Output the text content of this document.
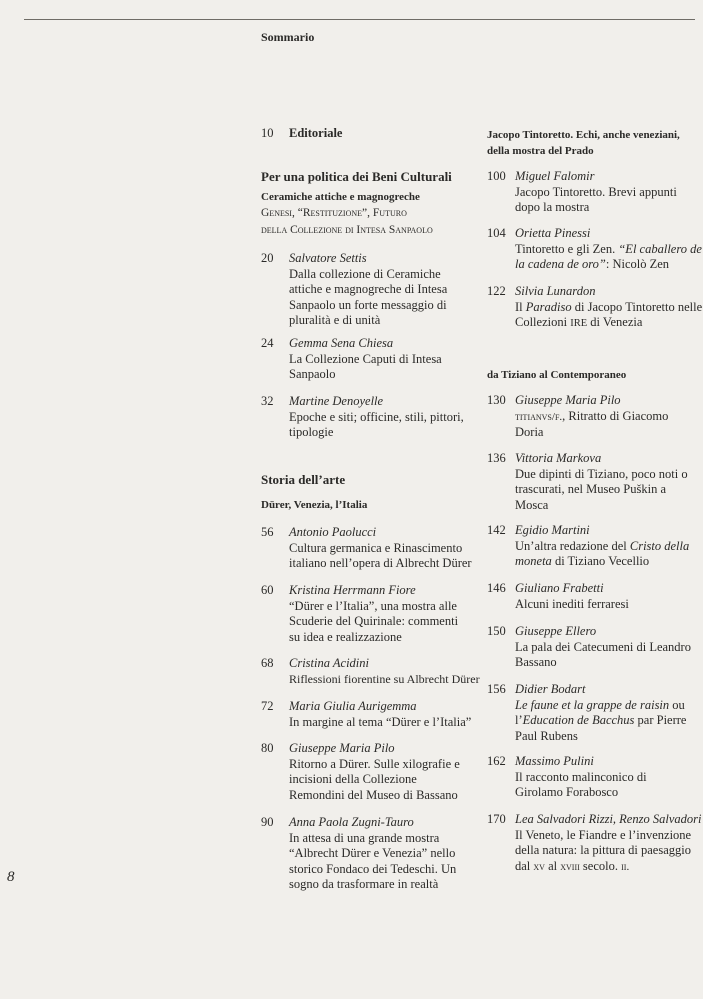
Sommario
8
10 Editoriale
Per una politica dei Beni Culturali
Ceramiche attiche e magnogreche
Genesi, “Restituzione”, Futuro
della Collezione di Intesa Sanpaolo
20 Salvatore Settis
Dalla collezione di Ceramiche
attiche e magnogreche di Intesa
Sanpaolo un forte messaggio di
pluralità e di unità
24 Gemma Sena Chiesa
La Collezione Caputi di Intesa
Sanpaolo
32 Martine Denoyelle
Epoche e siti; officine, stili, pittori,
tipologie
Storia dell’arte
Dürer, Venezia, l’Italia
56 Antonio Paolucci
Cultura germanica e Rinascimento
italiano nell’opera di Albrecht Dürer
60 Kristina Herrmann Fiore
“Dürer e l’Italia”, una mostra alle
Scuderie del Quirinale: commenti
su idea e realizzazione
68 Cristina Acidini
Riflessioni fiorentine su Albrecht Dürer
72 Maria Giulia Aurigemma
In margine al tema “Dürer e l’Italia”
80 Giuseppe Maria Pilo
Ritorno a Dürer. Sulle xilografie e
incisioni della Collezione
Remondini del Museo di Bassano
90 Anna Paola Zugni-Tauro
In attesa di una grande mostra
“Albrecht Dürer e Venezia” nello
storico Fondaco dei Tedeschi. Un
sogno da trasformare in realtà
Jacopo Tintoretto. Echi, anche veneziani,
della mostra del Prado
100 Miguel Falomir
Jacopo Tintoretto. Brevi appunti
dopo la mostra
104 Orietta Pinessi
Tintoretto e gli Zen. “El caballero de
la cadena de oro”: Nicolò Zen
122 Silvia Lunardon
Il Paradiso di Jacopo Tintoretto nelle
Collezioni IRE di Venezia
da Tiziano al Contemporaneo
130 Giuseppe Maria Pilo
titianvs/f., Ritratto di Giacomo
Doria
136 Vittoria Markova
Due dipinti di Tiziano, poco noti o
trascurati, nel Museo Puškin a
Mosca
142 Egidio Martini
Un’altra redazione del Cristo della
moneta di Tiziano Vecellio
146 Giuliano Frabetti
Alcuni inediti ferraresi
150 Giuseppe Ellero
La pala dei Catecumeni di Leandro
Bassano
156 Didier Bodart
Le faune et la grappe de raisin ou
l’Education de Bacchus par Pierre
Paul Rubens
162 Massimo Pulini
Il racconto malinconico di
Girolamo Forabosco
170 Lea Salvadori Rizzi, Renzo Salvadori
Il Veneto, le Fiandre e l’invenzione
della natura: la pittura di paesaggio
dal xv al xviii secolo. ii.
